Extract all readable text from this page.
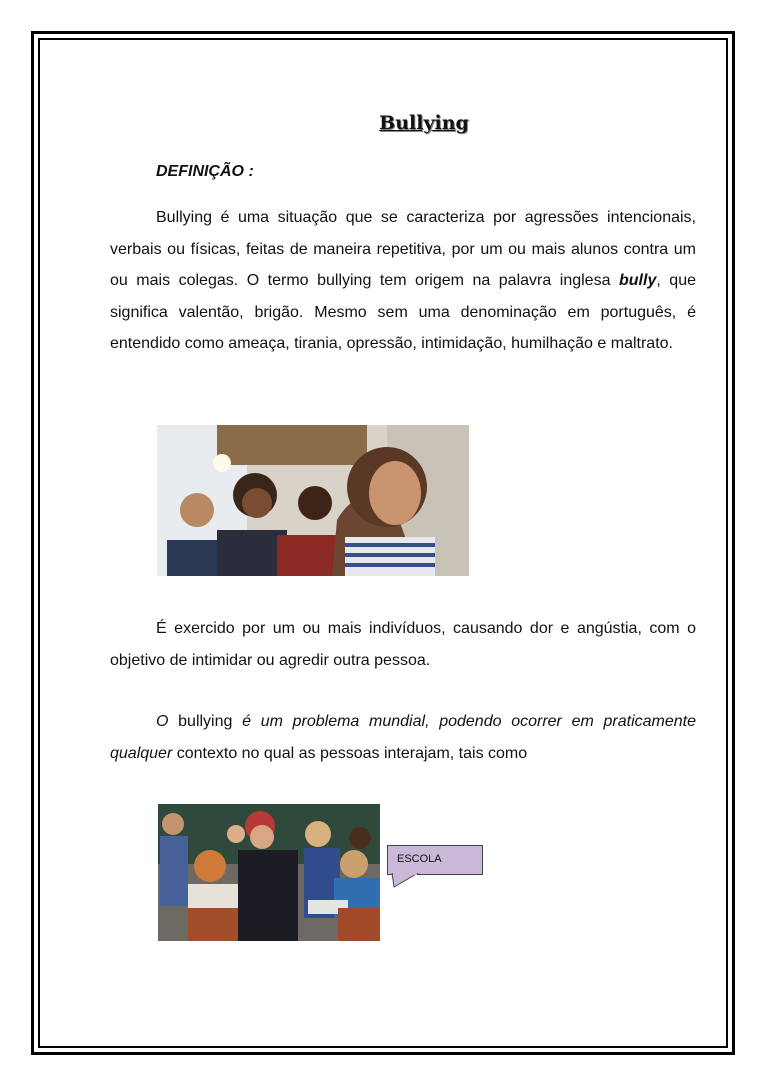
Bullying
DEFINIÇÃO :

Bullying é uma situação que se caracteriza por agressões intencionais, verbais ou físicas, feitas de maneira repetitiva, por um ou mais alunos contra um ou mais colegas. O termo bullying tem origem na palavra inglesa bully, que significa valentão, brigão. Mesmo sem uma denominação em português, é entendido como ameaça, tirania, opressão, intimidação, humilhação e maltrato.

É exercido por um ou mais indivíduos, causando dor e angústia, com o objetivo de intimidar ou agredir outra pessoa.

O bullying é um problema mundial, podendo ocorrer em praticamente qualquer contexto no qual as pessoas interajam, tais como

ESCOLA
